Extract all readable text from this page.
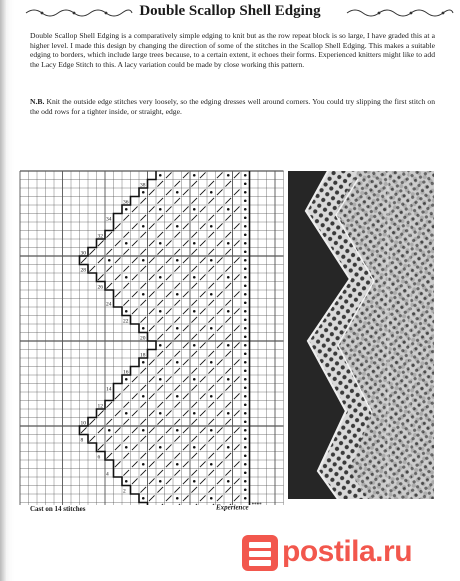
Double Scallop Shell Edging
Double Scallop Shell Edging is a comparatively simple edging to knit but as the row repeat block is so large, I have graded this at a higher level. I made this design by changing the direction of some of the stitches in the Scallop Shell Edging. This makes a suitable edging to borders, which include large trees because, to a certain extent, it echoes their forms. Experienced knitters might like to add the Lacy Edge Stitch to this. A lacy variation could be made by close working this pattern.
N.B. Knit the outside edge stitches very loosely, so the edging dresses well around corners. You could try slipping the first stitch on the odd rows for a tighter inside, or straight, edge.
38
36
34
32
30
28
26
24
22
20
18
16
14
12
10
8
6
4
2
Cast on 14 stitches	Experience ****
postila.ru
